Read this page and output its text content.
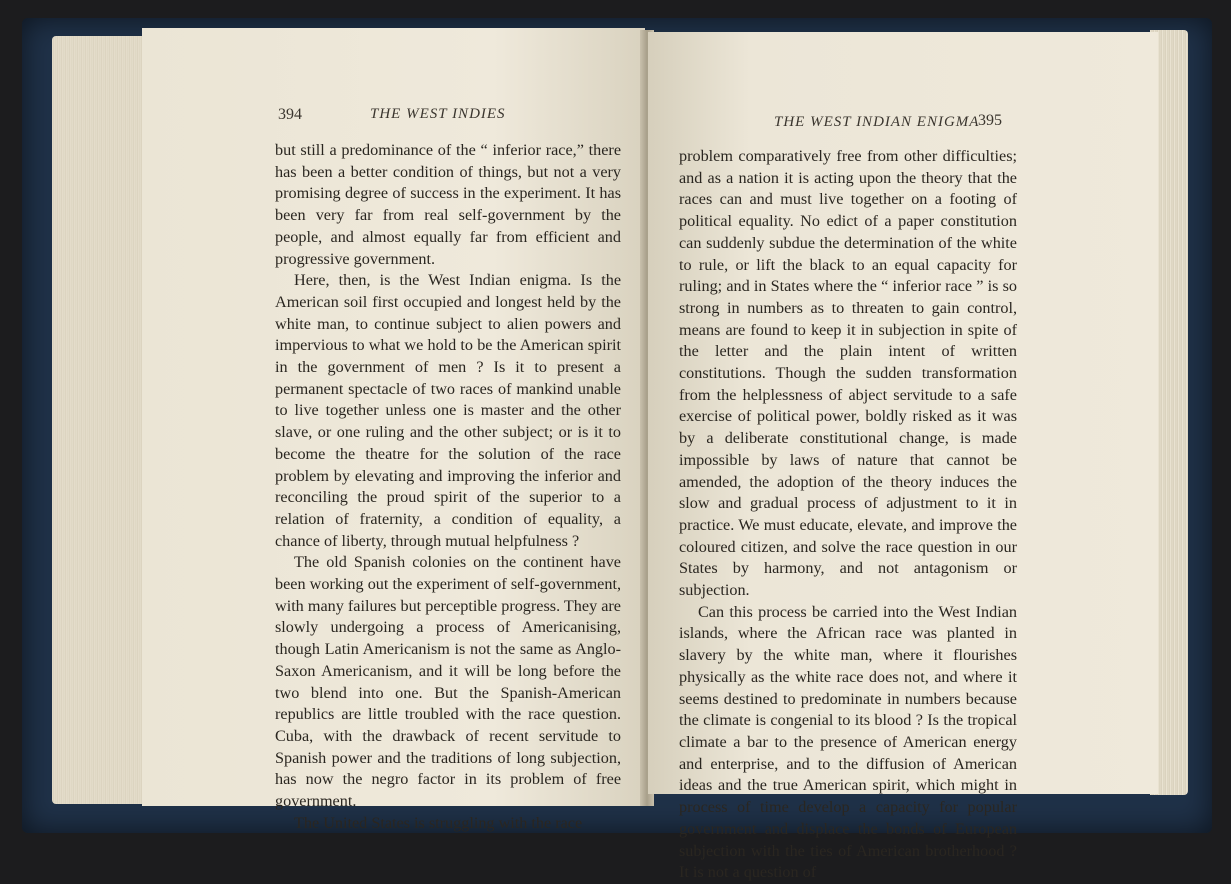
394	THE WEST INDIES

but still a predominance of the “ inferior race,” there has been a better condition of things, but not a very promising degree of success in the experiment. It has been very far from real self-government by the people, and almost equally far from efficient and progressive government.

Here, then, is the West Indian enigma. Is the American soil first occupied and longest held by the white man, to continue subject to alien powers and impervious to what we hold to be the American spirit in the government of men ? Is it to present a permanent spectacle of two races of mankind unable to live together unless one is master and the other slave, or one ruling and the other subject; or is it to become the theatre for the solution of the race problem by elevating and improving the inferior and reconciling the proud spirit of the superior to a relation of fraternity, a condition of equality, a chance of liberty, through mutual helpfulness ?

The old Spanish colonies on the continent have been working out the experiment of self-government, with many failures but perceptible progress. They are slowly undergoing a process of Americanising, though Latin Americanism is not the same as Anglo-Saxon Americanism, and it will be long before the two blend into one. But the Spanish-American republics are little troubled with the race question. Cuba, with the drawback of recent servitude to Spanish power and the traditions of long subjection, has now the negro factor in its problem of free government.

The United States is struggling with the race

THE WEST INDIAN ENIGMA
395

problem comparatively free from other difficulties; and as a nation it is acting upon the theory that the races can and must live together on a footing of political equality. No edict of a paper constitution can suddenly subdue the determination of the white to rule, or lift the black to an equal capacity for ruling; and in States where the “ inferior race ” is so strong in numbers as to threaten to gain control, means are found to keep it in subjection in spite of the letter and the plain intent of written constitutions. Though the sudden transformation from the helplessness of abject servitude to a safe exercise of political power, boldly risked as it was by a deliberate constitutional change, is made impossible by laws of nature that cannot be amended, the adoption of the theory induces the slow and gradual process of adjustment to it in practice. We must educate, elevate, and improve the coloured citizen, and solve the race question in our States by harmony, and not antagonism or subjection.

Can this process be carried into the West Indian islands, where the African race was planted in slavery by the white man, where it flourishes physically as the white race does not, and where it seems destined to predominate in numbers because the climate is congenial to its blood ? Is the tropical climate a bar to the presence of American energy and enterprise, and to the diffusion of American ideas and the true American spirit, which might in process of time develop a capacity for popular government and displace the bonds of European subjection with the ties of American brotherhood ? It is not a question of
